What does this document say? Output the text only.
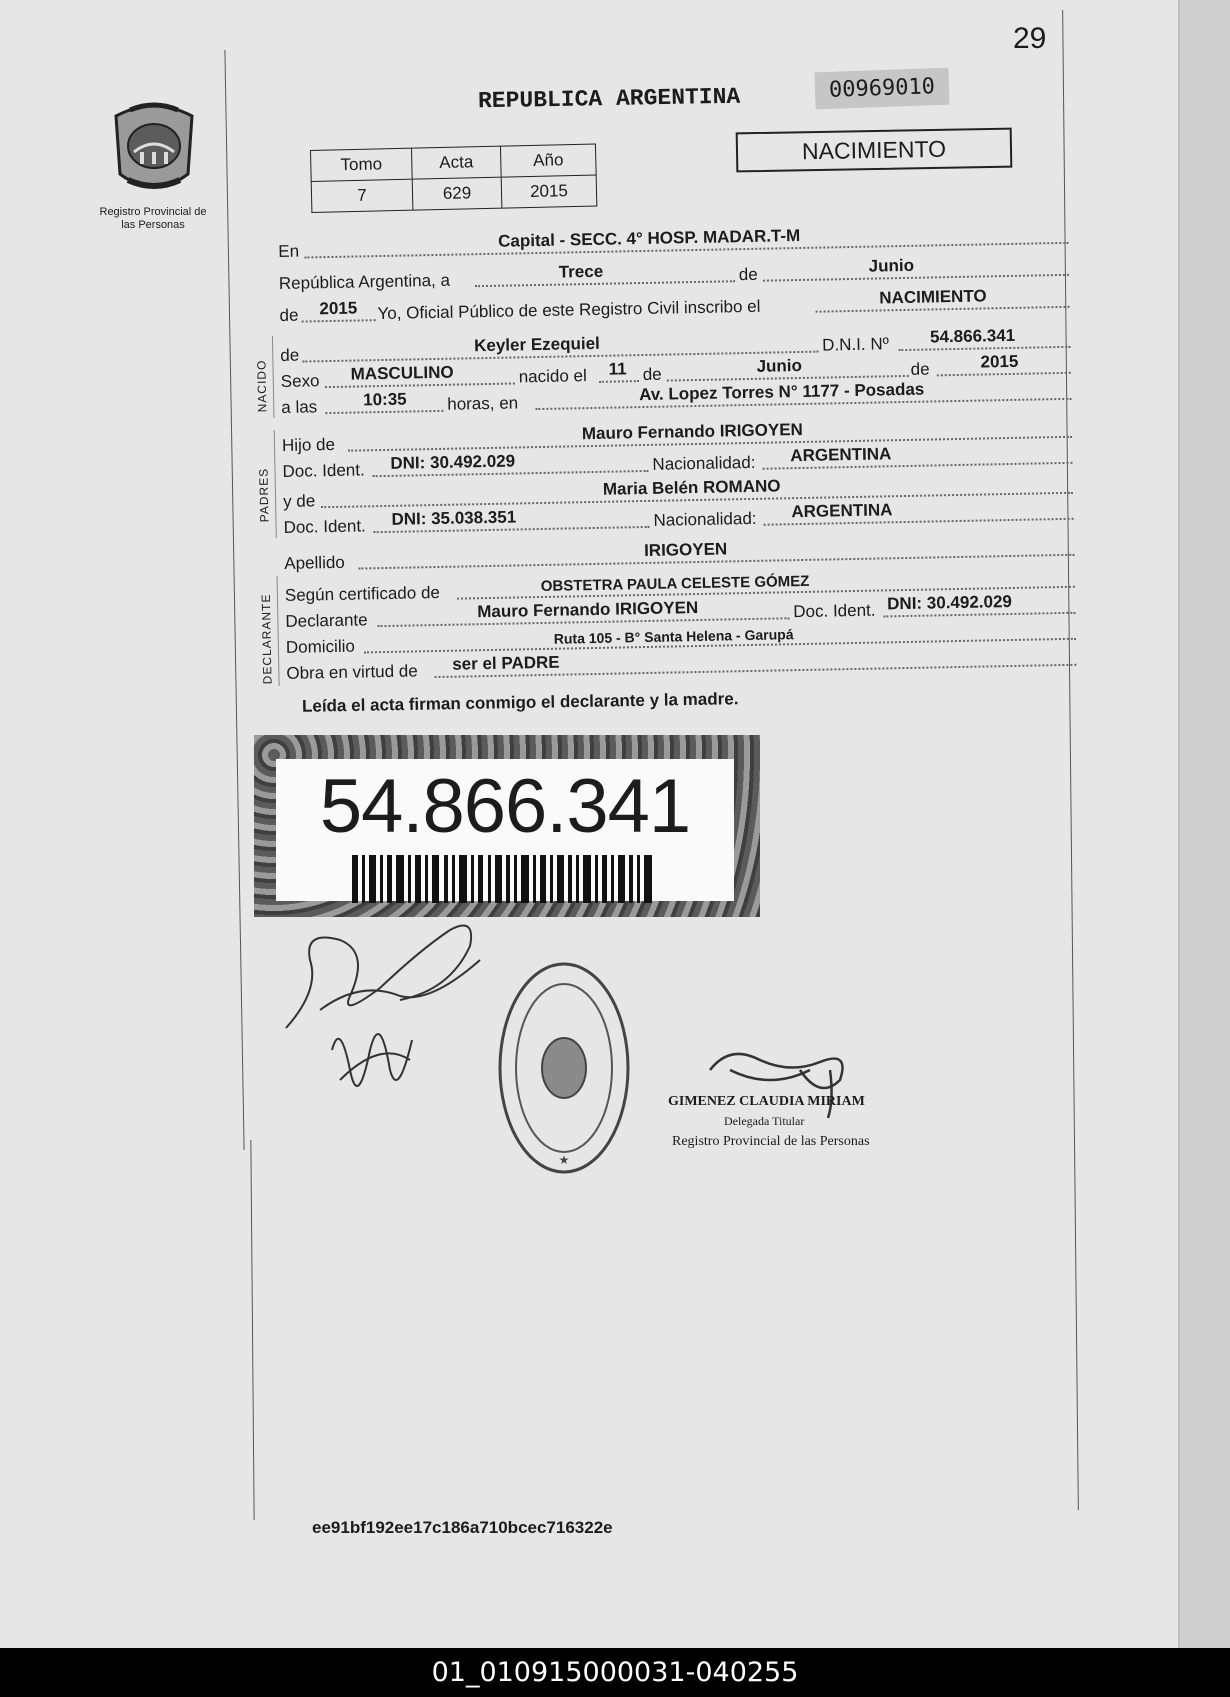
29
Registro Provincial de las Personas
REPUBLICA ARGENTINA	00969010
Tomo	Acta	Año
7	629	2015
NACIMIENTO
En
Capital - SECC. 4° HOSP. MADAR.T-M
República Argentina, a	Trece	de	Junio
de 2015 Yo, Oficial Público de este Registro Civil inscribo el	NACIMIENTO
NACIDO
de
Keyler Ezequiel	D.N.I. Nº 54.866.341
Sexo MASCULINO	nacido el 11 de	Junio	de	2015
a las	10:35 horas, en	Av. Lopez Torres N° 1177 - Posadas
PADRES
Hijo de
Mauro Fernando IRIGOYEN
Doc. Ident. DNI: 30.492.029	Nacionalidad: ARGENTINA
y de
Maria Belén ROMANO
Doc. Ident. DNI: 35.038.351	Nacionalidad: ARGENTINA
Apellido
IRIGOYEN
DECLARANTE Según certificado de	OBSTETRA PAULA CELESTE GÓMEZ
Declarante	Mauro Fernando IRIGOYEN	Doc. Ident. DNI: 30.492.029
Domicilio	Ruta 105 - B° Santa Helena - Garupá
Obra en virtud de ser el PADRE
Leída el acta firman conmigo el declarante y la madre.
54.866.341
★
GIMENEZ CLAUDIA MIRIAM
Delegada Titular
Registro Provincial de las Personas
ee91bf192ee17c186a710bcec716322e
01_010915000031-040255
